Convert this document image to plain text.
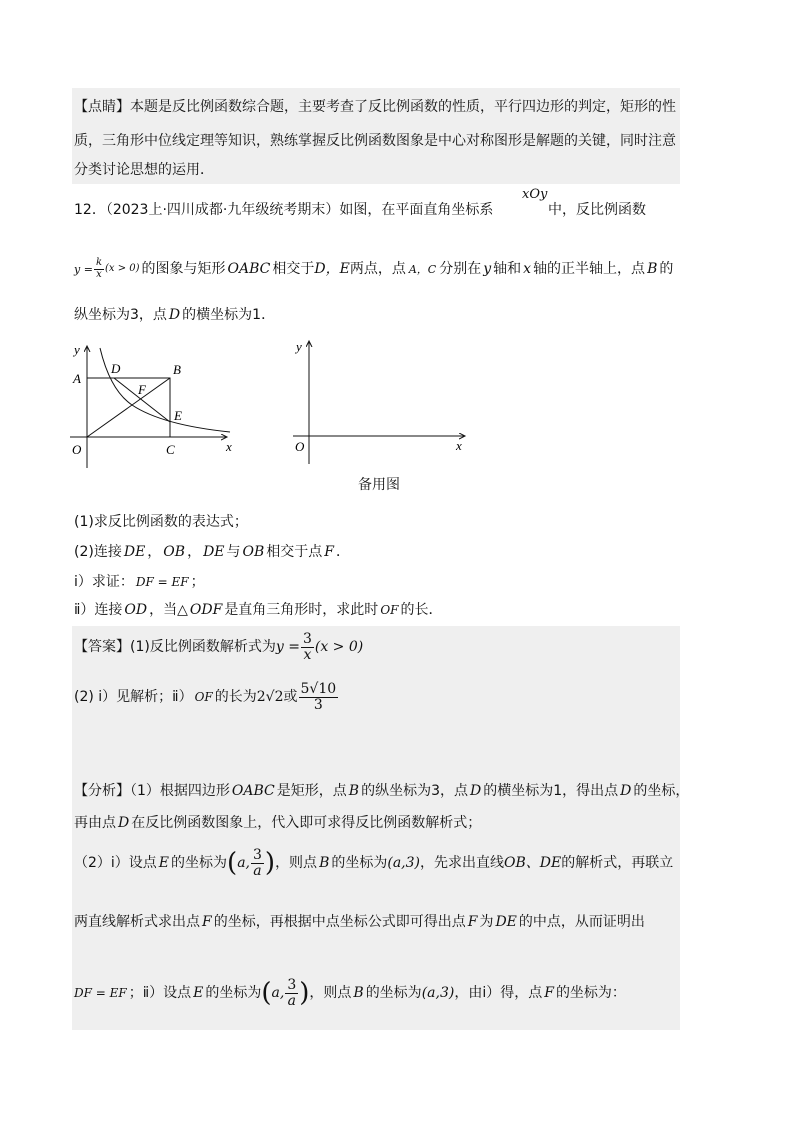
【点睛】本题是反比例函数综合题，主要考查了反比例函数的性质，平行四边形的判定，矩形的性
质，三角形中位线定理等知识，熟练掌握反比例函数图象是中心对称图形是解题的关键，同时注意
分类讨论思想的运用．
12．（2023上·四川成都·九年级统考期末）如图，在平面直角坐标系
xOy
中，反比例函数
$y = \frac{k}{x} (x > 0)$ 的图象与矩形 OABC 相交于 D，E 两点，点 A，C 分别在 y 轴和 x 轴的正半轴上，点 B 的
纵坐标为3，点 D 的横坐标为1．
y
A
D	B
F
E
O	C	x
y
O	x
备用图
(1)求反比例函数的表达式；
(2)连接 DE ， OB ， DE 与 OB 相交于点 F ．
ⅰ）求证： DF = EF ；
ⅱ）连接 OD ，当△ ODF 是直角三角形时，求此时 OF 的长．
【答案】(1)反比例函数解析式为 $y = \frac{3}{x} (x > 0)$
(2) ⅰ）见解析；ⅱ） OF 的长为 2√2 或 $\frac{5√10}{3}$
【分析】（1）根据四边形 OABC 是矩形，点 B 的纵坐标为3，点 D 的横坐标为1，得出点 D 的坐标，
再由点 D 在反比例函数图象上，代入即可求得反比例函数解析式；
（2）ⅰ）设点 E 的坐标为 ( a, $\frac{3}{a}$ ) ，则点 B 的坐标为 (a,3) ，先求出直线 OB、DE 的解析式，再联立
两直线解析式求出点 F 的坐标，再根据中点坐标公式即可得出点 F 为 DE 的中点，从而证明出
DF = EF ；ⅱ）设点 E 的坐标为 ( a, $\frac{3}{a}$ ) ，则点 B 的坐标为 (a,3) ，由ⅰ）得，点 F 的坐标为：
